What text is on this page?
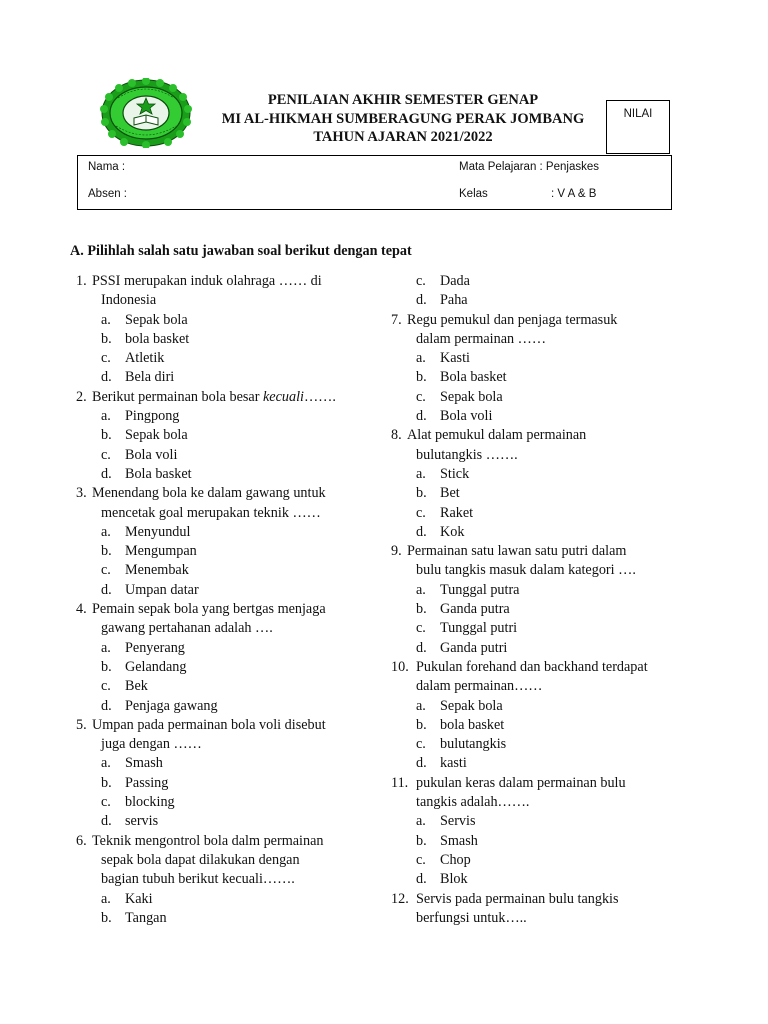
PENILAIAN AKHIR SEMESTER GENAP
MI AL-HIKMAH SUMBERAGUNG PERAK JOMBANG
TAHUN AJARAN 2021/2022
NILAI
Nama :
Absen :
Mata Pelajaran : Penjaskes
Kelas	: V A & B
A. Pilihlah salah satu jawaban soal berikut dengan tepat
1. PSSI merupakan induk olahraga …… di
Indonesia
a. Sepak bola
b. bola basket
c. Atletik
d. Bela diri
2. Berikut permainan bola besar kecuali…….
a. Pingpong
b. Sepak bola
c. Bola voli
d. Bola basket
3. Menendang bola ke dalam gawang untuk
mencetak goal merupakan teknik ……
a. Menyundul
b. Mengumpan
c. Menembak
d. Umpan datar
4. Pemain sepak bola yang bertgas menjaga
gawang pertahanan adalah ….
a. Penyerang
b. Gelandang
c. Bek
d. Penjaga gawang
5. Umpan pada permainan bola voli disebut
juga dengan ……
a. Smash
b. Passing
c. blocking
d. servis
6. Teknik mengontrol bola dalm permainan
sepak bola dapat dilakukan dengan
bagian tubuh berikut kecuali…….
a. Kaki
b. Tangan
c. Dada
d. Paha
7. Regu pemukul dan penjaga termasuk
dalam permainan ……
a. Kasti
b. Bola basket
c. Sepak bola
d. Bola voli
8. Alat pemukul dalam permainan
bulutangkis …….
a. Stick
b. Bet
c. Raket
d. Kok
9. Permainan satu lawan satu putri dalam
bulu tangkis masuk dalam kategori ….
a. Tunggal putra
b. Ganda putra
c. Tunggal putri
d. Ganda putri
10. Pukulan forehand dan backhand terdapat
dalam permainan……
a. Sepak bola
b. bola basket
c. bulutangkis
d. kasti
11. pukulan keras dalam permainan bulu
tangkis adalah…….
a. Servis
b. Smash
c. Chop
d. Blok
12. Servis pada permainan bulu tangkis
berfungsi untuk…..
